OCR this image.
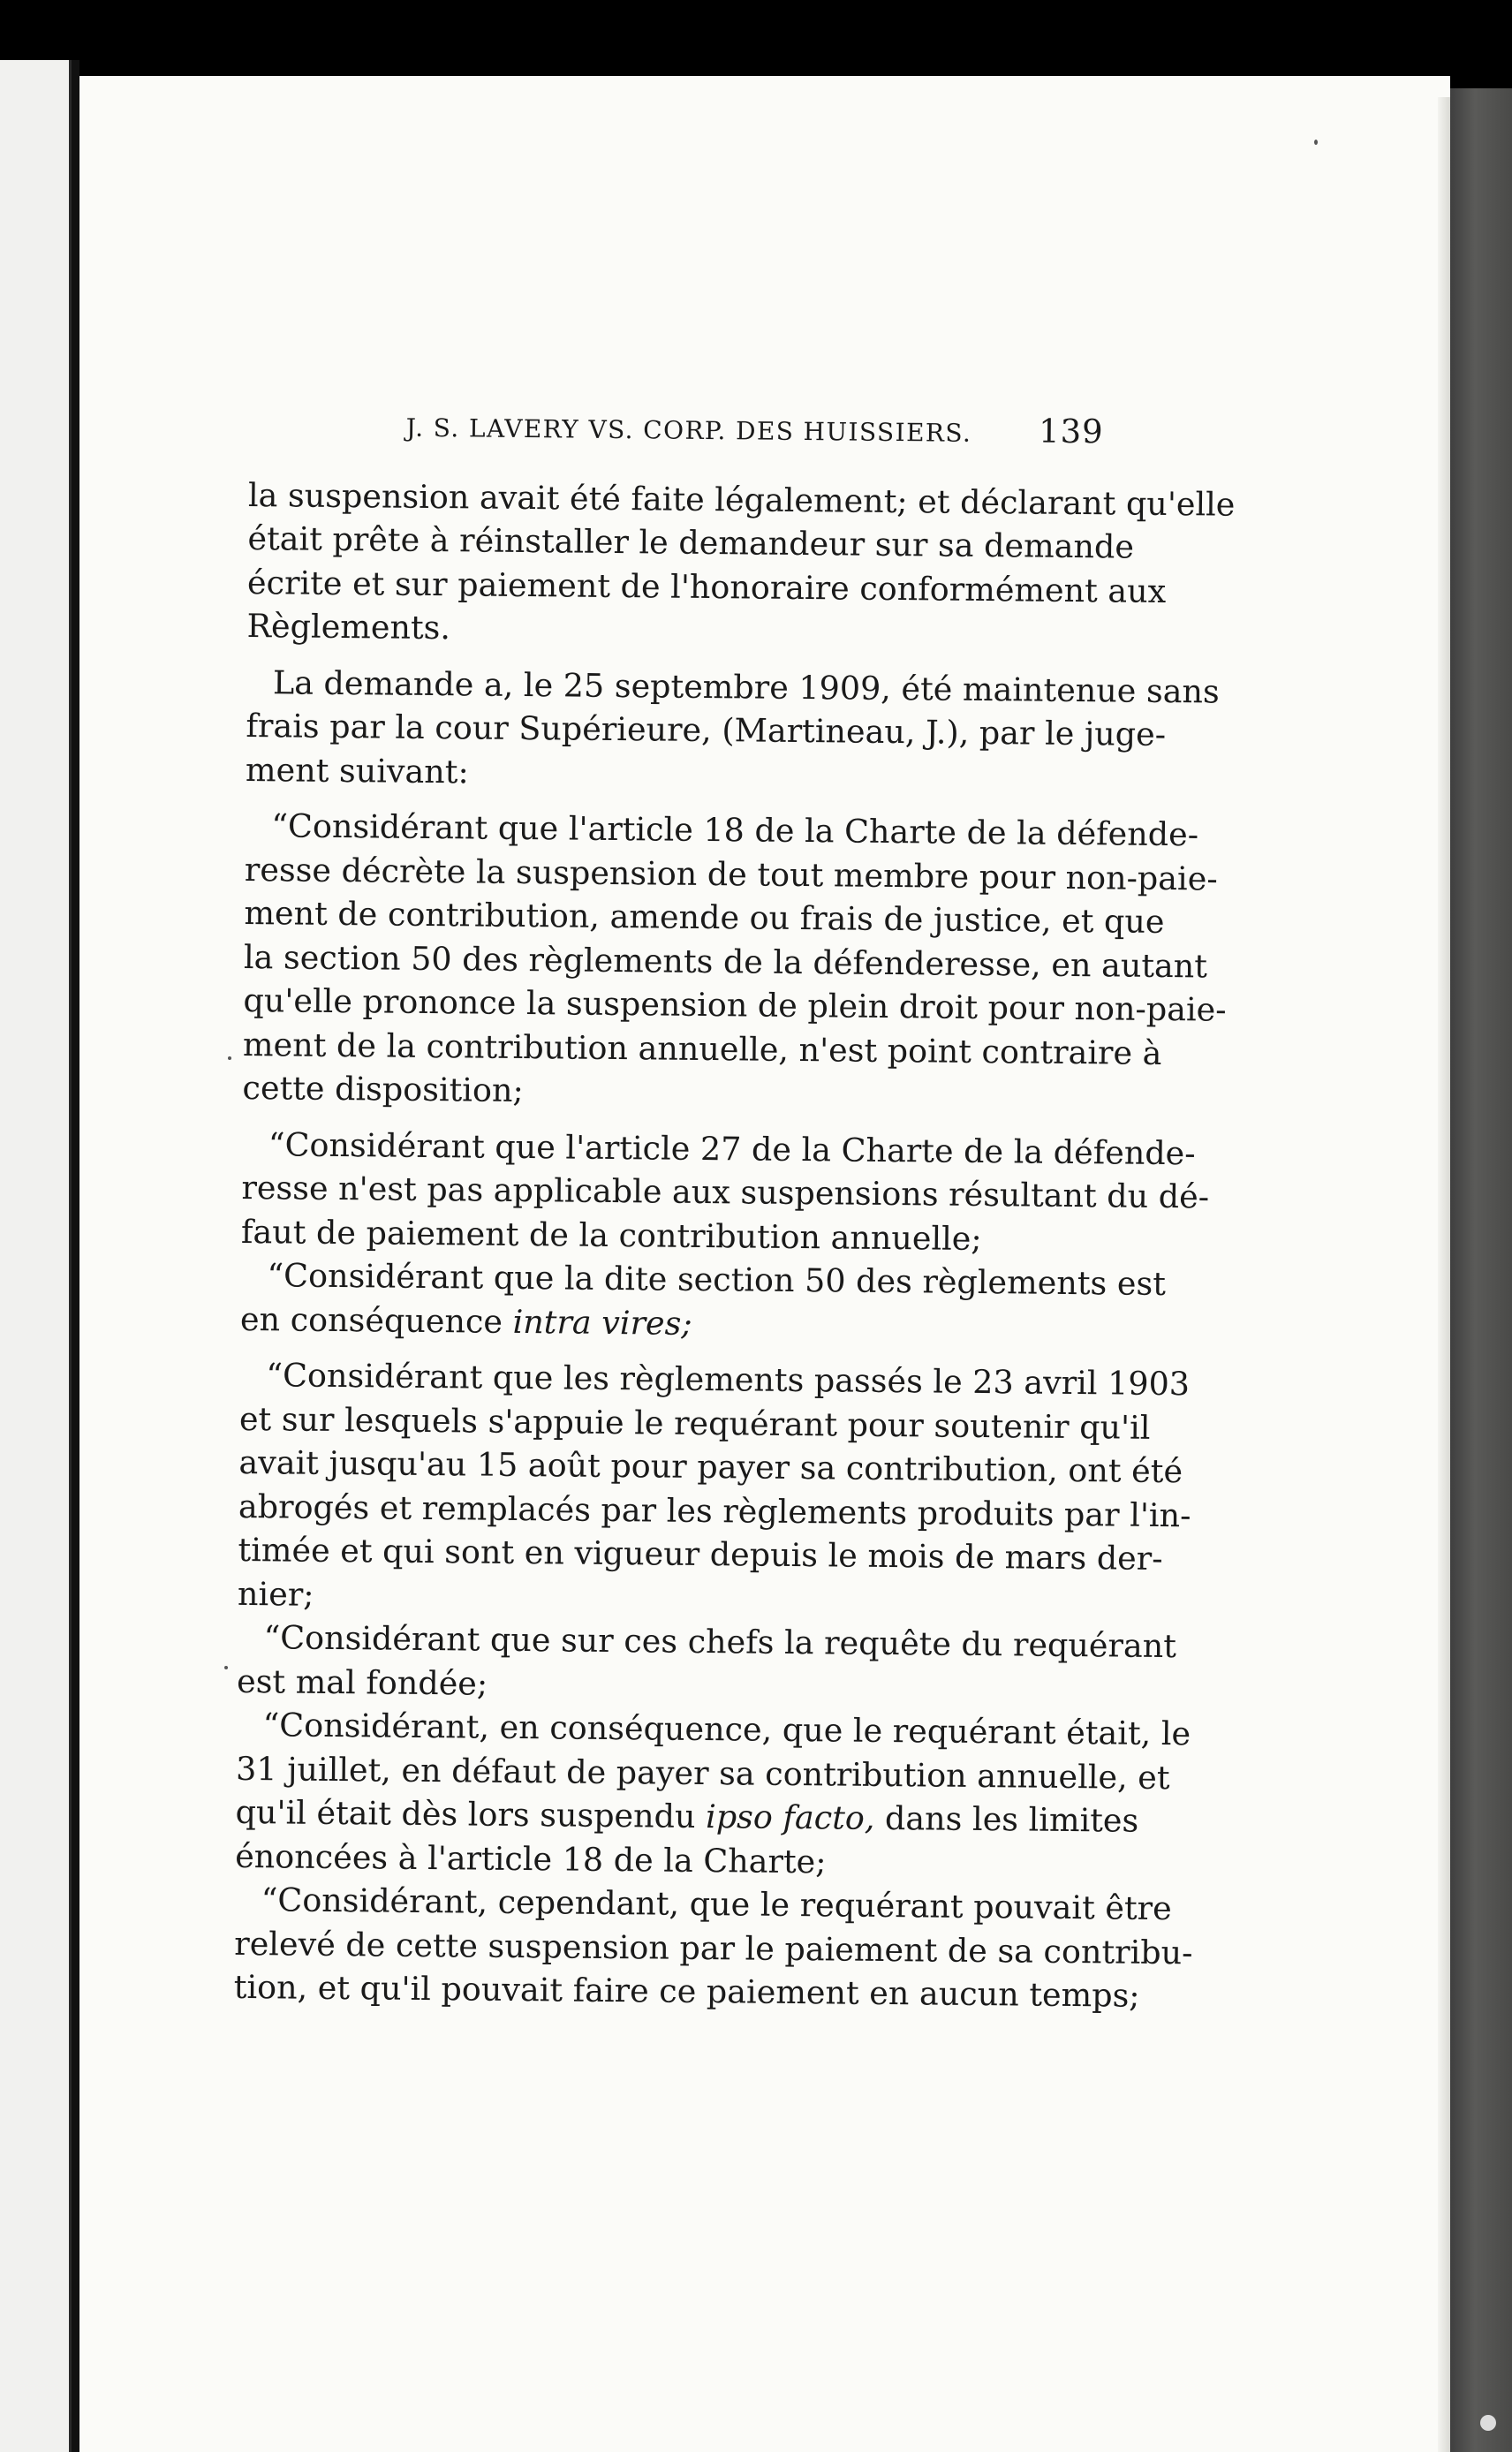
J. S. LAVERY VS. CORP. DES HUISSIERS. 139
la suspension avait été faite légalement; et déclarant qu'elle
était prête à réinstaller le demandeur sur sa demande
écrite et sur paiement de l'honoraire conformément aux
Règlements.
La demande a, le 25 septembre 1909, été maintenue sans
frais par la cour Supérieure, (Martineau, J.), par le juge-
ment suivant:
“Considérant que l'article 18 de la Charte de la défende-
resse décrète la suspension de tout membre pour non-paie-
ment de contribution, amende ou frais de justice, et que
la section 50 des règlements de la défenderesse, en autant
qu'elle prononce la suspension de plein droit pour non-paie-
ment de la contribution annuelle, n'est point contraire à
cette disposition;
“Considérant que l'article 27 de la Charte de la défende-
resse n'est pas applicable aux suspensions résultant du dé-
faut de paiement de la contribution annuelle;
“Considérant que la dite section 50 des règlements est
en conséquence intra vires;
“Considérant que les règlements passés le 23 avril 1903
et sur lesquels s'appuie le requérant pour soutenir qu'il
avait jusqu'au 15 août pour payer sa contribution, ont été
abrogés et remplacés par les règlements produits par l'in-
timée et qui sont en vigueur depuis le mois de mars der-
nier;
“Considérant que sur ces chefs la requête du requérant
est mal fondée;
“Considérant, en conséquence, que le requérant était, le
31 juillet, en défaut de payer sa contribution annuelle, et
qu'il était dès lors suspendu ipso facto, dans les limites
énoncées à l'article 18 de la Charte;
“Considérant, cependant, que le requérant pouvait être
relevé de cette suspension par le paiement de sa contribu-
tion, et qu'il pouvait faire ce paiement en aucun temps;
